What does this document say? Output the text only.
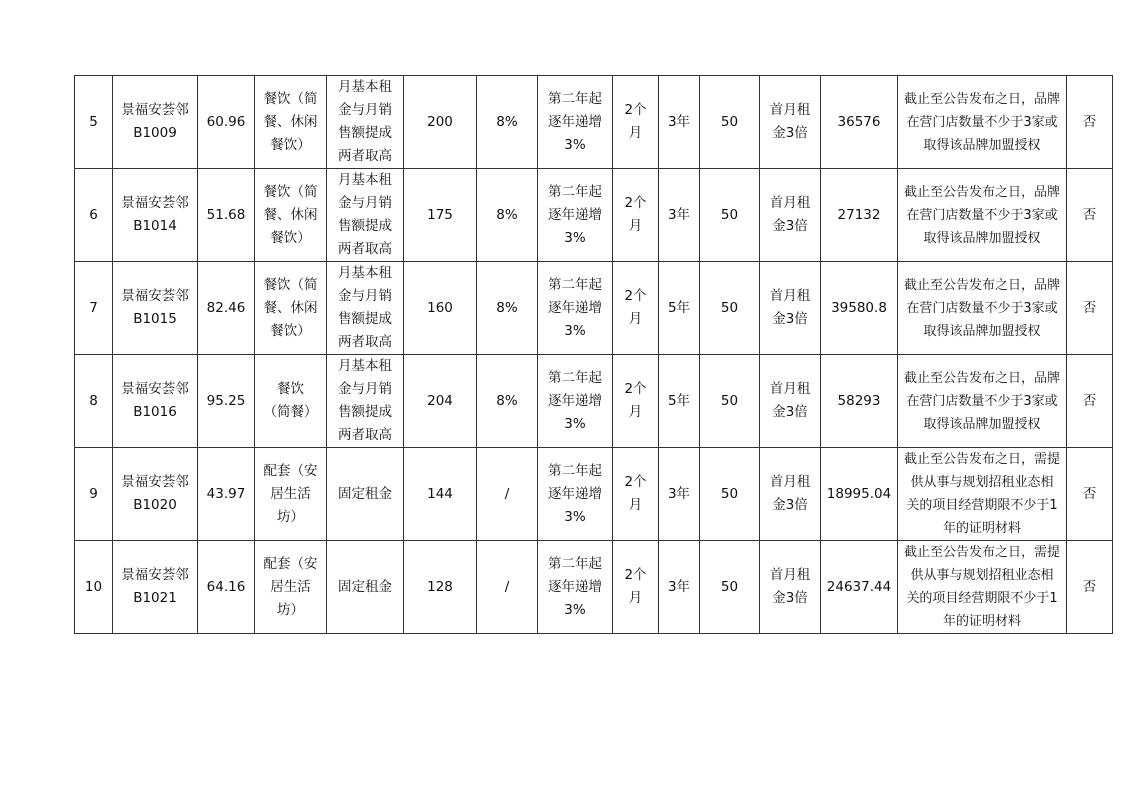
5	景福安荟邻
B1009	60.96	餐饮（简
餐、休闲
餐饮）	月基本租
金与月销
售额提成
两者取高	200	8%	第二年起
逐年递增
3%	2个
月	3年	50	首月租
金3倍	36576	截止至公告发布之日，品牌
在营门店数量不少于3家或
取得该品牌加盟授权	否
6	景福安荟邻
B1014	51.68	餐饮（简
餐、休闲
餐饮）	月基本租
金与月销
售额提成
两者取高	175	8%	第二年起
逐年递增
3%	2个
月	3年	50	首月租
金3倍	27132	截止至公告发布之日，品牌
在营门店数量不少于3家或
取得该品牌加盟授权	否
7	景福安荟邻
B1015	82.46	餐饮（简
餐、休闲
餐饮）	月基本租
金与月销
售额提成
两者取高	160	8%	第二年起
逐年递增
3%	2个
月	5年	50	首月租
金3倍	39580.8	截止至公告发布之日，品牌
在营门店数量不少于3家或
取得该品牌加盟授权	否
8	景福安荟邻
B1016	95.25	餐饮
（简餐）	月基本租
金与月销
售额提成
两者取高	204	8%	第二年起
逐年递增
3%	2个
月	5年	50	首月租
金3倍	58293	截止至公告发布之日，品牌
在营门店数量不少于3家或
取得该品牌加盟授权	否
9	景福安荟邻
B1020	43.97	配套（安
居生活
坊）	固定租金	144	/	第二年起
逐年递增
3%	2个
月	3年	50	首月租
金3倍	18995.04	截止至公告发布之日，需提
供从事与规划招租业态相
关的项目经营期限不少于1
年的证明材料	否
10	景福安荟邻
B1021	64.16	配套（安
居生活
坊）	固定租金	128	/	第二年起
逐年递增
3%	2个
月	3年	50	首月租
金3倍	24637.44	截止至公告发布之日，需提
供从事与规划招租业态相
关的项目经营期限不少于1
年的证明材料	否
